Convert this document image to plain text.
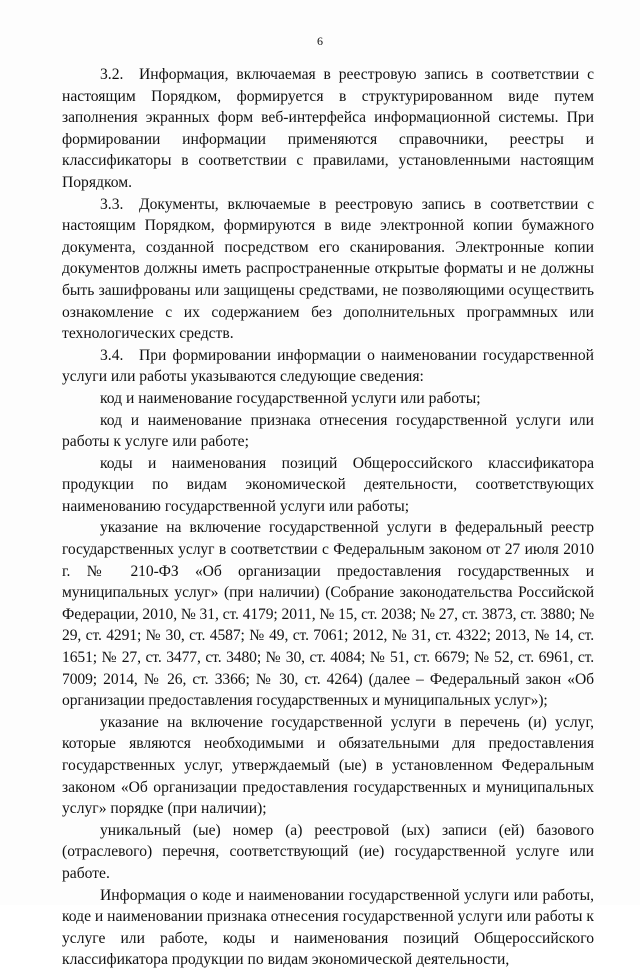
6

3.2. Информация, включаемая в реестровую запись в соответствии с настоящим Порядком, формируется в структурированном виде путем заполнения экранных форм веб-интерфейса информационной системы. При формировании информации применяются справочники, реестры и классификаторы в соответствии с правилами, установленными настоящим Порядком.

3.3. Документы, включаемые в реестровую запись в соответствии с настоящим Порядком, формируются в виде электронной копии бумажного документа, созданной посредством его сканирования. Электронные копии документов должны иметь распространенные открытые форматы и не должны быть зашифрованы или защищены средствами, не позволяющими осуществить ознакомление с их содержанием без дополнительных программных или технологических средств.

3.4. При формировании информации о наименовании государственной услуги или работы указываются следующие сведения:

код и наименование государственной услуги или работы;

код и наименование признака отнесения государственной услуги или работы к услуге или работе;

коды и наименования позиций Общероссийского классификатора продукции по видам экономической деятельности, соответствующих наименованию государственной услуги или работы;

указание на включение государственной услуги в федеральный реестр государственных услуг в соответствии с Федеральным законом от 27 июля 2010 г. № 210-ФЗ «Об организации предоставления государственных и муниципальных услуг» (при наличии) (Собрание законодательства Российской Федерации, 2010, № 31, ст. 4179; 2011, № 15, ст. 2038; № 27, ст. 3873, ст. 3880; № 29, ст. 4291; № 30, ст. 4587; № 49, ст. 7061; 2012, № 31, ст. 4322; 2013, № 14, ст. 1651; № 27, ст. 3477, ст. 3480; № 30, ст. 4084; № 51, ст. 6679; № 52, ст. 6961, ст. 7009; 2014, № 26, ст. 3366; № 30, ст. 4264) (далее – Федеральный закон «Об организации предоставления государственных и муниципальных услуг»);

указание на включение государственной услуги в перечень (и) услуг, которые являются необходимыми и обязательными для предоставления государственных услуг, утверждаемый (ые) в установленном Федеральным законом «Об организации предоставления государственных и муниципальных услуг» порядке (при наличии);

уникальный (ые) номер (а) реестровой (ых) записи (ей) базового (отраслевого) перечня, соответствующий (ие) государственной услуге или работе.

Информация о коде и наименовании государственной услуги или работы, коде и наименовании признака отнесения государственной услуги или работы к услуге или работе, коды и наименования позиций Общероссийского классификатора продукции по видам экономической деятельности,
